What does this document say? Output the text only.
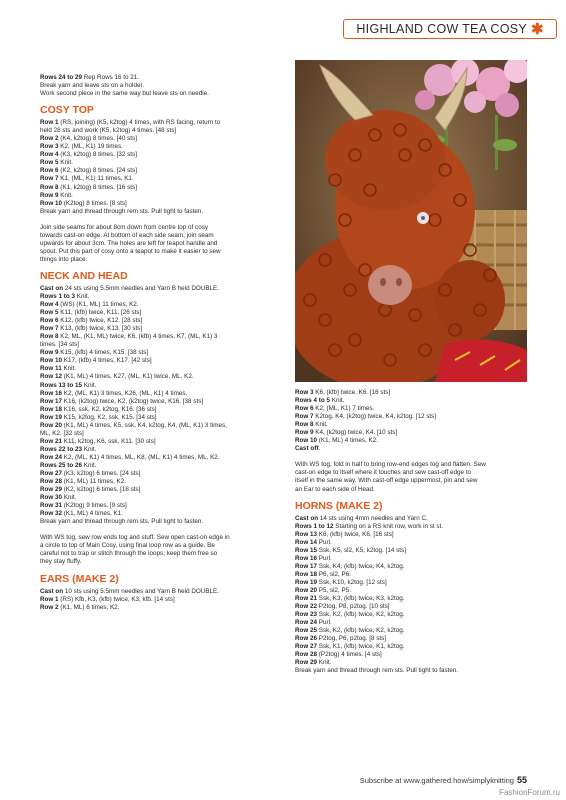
HIGHLAND COW TEA COSY ✱
Rows 24 to 29 Rep Rows 16 to 21.
Break yarn and leave sts on a holder.
Work second piece in the same way but leave sts on needle.
COSY TOP
Row 1 (RS, joining) (K5, k2tog) 4 times, with RS facing, return to
held 28 sts and work (K5, k2tog) 4 times. [48 sts]
Row 2 (K4, k2tog) 8 times. [40 sts]
Row 3 K2, (ML, K1) 19 times.
Row 4 (K3, k2tog) 8 times. [32 sts]
Row 5 Knit.
Row 6 (K2, k2tog) 8 times. [24 sts]
Row 7 K1, (ML, K1) 11 times, K1.
Row 8 (K1, k2tog) 8 times. [16 sts]
Row 9 Knit.
Row 10 (K2tog) 8 times. [8 sts]
Break yarn and thread through rem sts. Pull tight to fasten.
Join side seams for about 8cm down from centre top of cosy
towards cast-on edge. At bottom of each side seam, join seam
upwards for about 3cm. The holes are left for teapot handle and
spout. Put this part of cosy onto a teapot to make it easier to sew
things into place.
NECK AND HEAD
Cast on 24 sts using 5.5mm needles and Yarn B held DOUBLE.
Rows 1 to 3 Knit.
Row 4 (WS) (K1, ML) 11 times, K2.
Row 5 K11, (kfb) twice, K11. [26 sts]
Row 6 K12, (kfb) twice, K12. [28 sts]
Row 7 K13, (kfb) twice, K13. [30 sts]
Row 8 K2, ML, (K1, ML) twice, K6, (kfb) 4 times, K7, (ML, K1) 3
times. [34 sts]
Row 9 K15, (kfb) 4 times, K15. [38 sts]
Row 10 K17, (kfb) 4 times, K17. [42 sts]
Row 11 Knit.
Row 12 (K1, ML) 4 times, K27, (ML, K1) twice, ML, K2.
Rows 13 to 15 Knit.
Row 16 K2, (ML, K1) 3 times, K26, (ML, K1) 4 times.
Row 17 K16, (k2tog) twice, K2, (k2tog) twice, K16. [38 sts]
Row 18 K16, ssk, K2, k2tog, K16. [36 sts]
Row 19 K15, k2tog, K2, ssk, K15. [34 sts]
Row 20 (K1, ML) 4 times, K5, ssk, K4, k2tog, K4, (ML, K1) 3 times,
ML, K2. [32 sts]
Row 21 K11, k2tog, K6, ssk, K11. [30 sts]
Rows 22 to 23 Knit.
Row 24 K2, (ML, K1) 4 times, ML, K8, (ML, K1) 4 times, ML, K2.
Rows 25 to 26 Knit.
Row 27 (K3, k2tog) 6 times. [24 sts]
Row 28 (K1, ML) 11 times, K2.
Row 29 (K2, k2tog) 6 times. [18 sts]
Row 30 Knit.
Row 31 (K2tog) 9 times. [9 sts]
Row 32 (K1, ML) 4 times, K1.
Break yarn and thread through rem sts. Pull tight to fasten.
With WS tog, sew row ends tog and stuff. Sew open cast-on edge in
a circle to top of Main Cosy, using final loop row as a guide. Be
careful not to trap or stitch through the loops; keep them free so
they stay fluffy.
EARS (MAKE 2)
Cast on 10 sts using 5.5mm needles and Yarn B held DOUBLE.
Row 1 (RS) Kfb, K3, (kfb) twice, K3, kfb. [14 sts]
Row 2 (K1, ML) 6 times, K2.
Row 3 K6, (kfb) twice, K6. [16 sts]
Rows 4 to 5 Knit.
Row 6 K2, (ML, K1) 7 times.
Row 7 K2tog, K4, (k2tog) twice, K4, k2tog. [12 sts]
Row 8 Knit.
Row 9 K4, (k2tog) twice, K4. [10 sts]
Row 10 (K1, ML) 4 times, K2.
Cast off.
With WS tog, fold in half to bring row-end edges tog and flatten. Sew
cast-on edge to itself where it touches and sew cast-off edge to
itself in the same way. With cast-off edge uppermost, pin and sew
an Ear to each side of Head.
HORNS (MAKE 2)
Cast on 14 sts using 4mm needles and Yarn C.
Rows 1 to 12 Starting on a RS knit row, work in st st.
Row 13 K6, (kfb) twice, K6. [16 sts]
Row 14 Purl.
Row 15 Ssk, K5, sl2, K5, k2tog. [14 sts]
Row 16 Purl.
Row 17 Ssk, K4, (kfb) twice, K4, k2tog.
Row 18 P6, sl2, P6.
Row 19 Ssk, K10, k2tog. [12 sts]
Row 20 P5, sl2, P5.
Row 21 Ssk, K3, (kfb) twice, K3, k2tog.
Row 22 P2tog, P8, p2tog. [10 sts]
Row 23 Ssk, K2, (kfb) twice, K2, k2tog.
Row 24 Purl.
Row 25 Ssk, K2, (kfb) twice, K2, k2tog.
Row 26 P2tog, P6, p2tog. [8 sts]
Row 27 Ssk, K1, (kfb) twice, K1, k2tog.
Row 28 (P2tog) 4 times. [4 sts]
Row 29 Knit.
Break yarn and thread through rem sts. Pull tight to fasten.
Subscribe at www.gathered.how/simplyknitting 55
FashionForum.ru
